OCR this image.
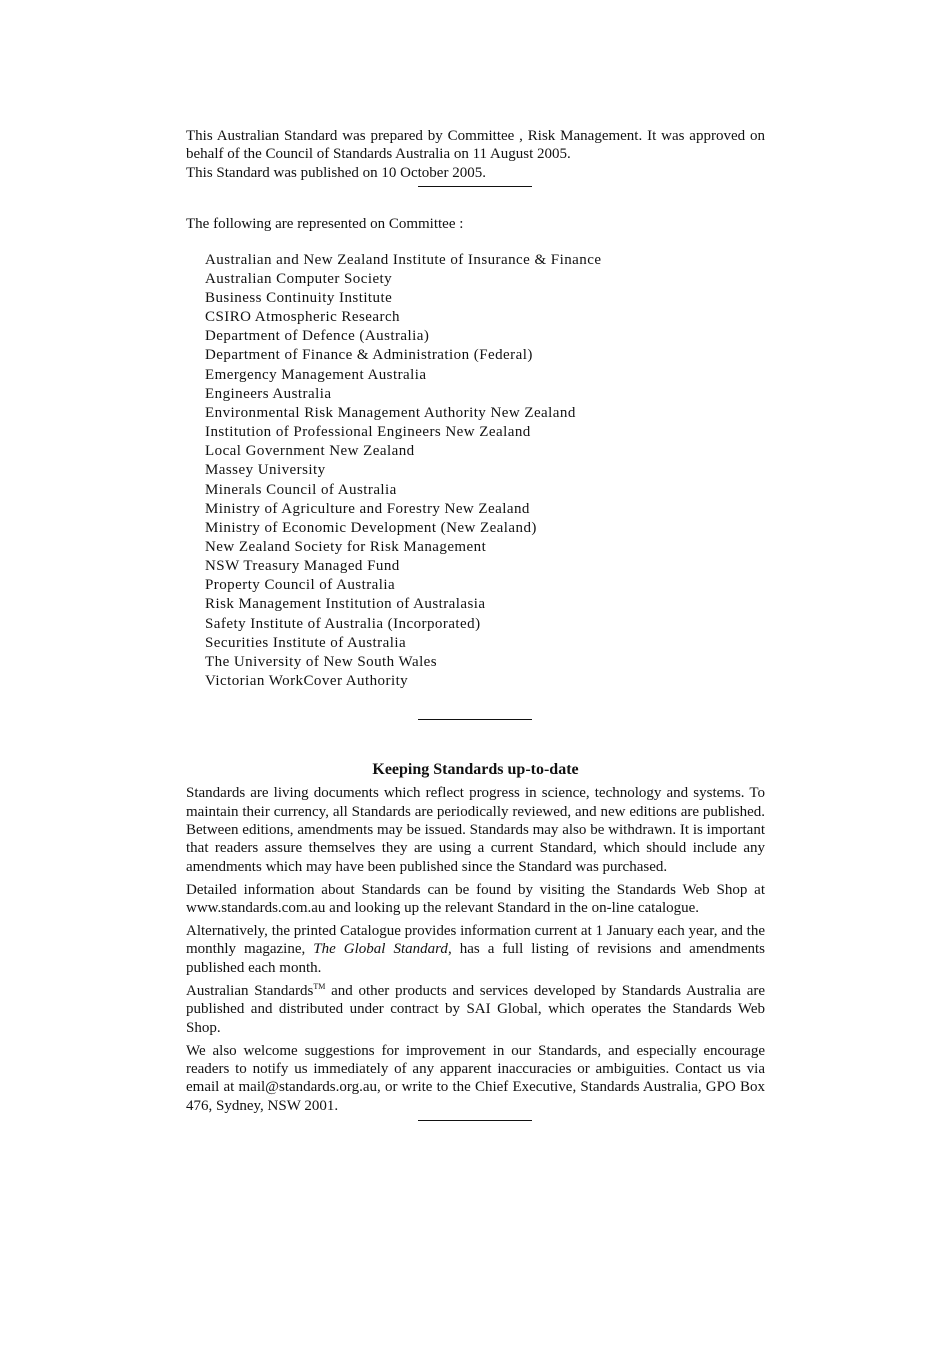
This Australian Standard was prepared by Committee , Risk Management. It was approved on behalf of the Council of Standards Australia on 11 August 2005.

This Standard was published on 10 October 2005.

The following are represented on Committee :

Australian and New Zealand Institute of Insurance & Finance
Australian Computer Society
Business Continuity Institute
CSIRO Atmospheric Research
Department of Defence (Australia)
Department of Finance & Administration (Federal)
Emergency Management Australia
Engineers Australia
Environmental Risk Management Authority New Zealand
Institution of Professional Engineers New Zealand
Local Government New Zealand
Massey University
Minerals Council of Australia
Ministry of Agriculture and Forestry New Zealand
Ministry of Economic Development (New Zealand)
New Zealand Society for Risk Management
NSW Treasury Managed Fund
Property Council of Australia
Risk Management Institution of Australasia
Safety Institute of Australia (Incorporated)
Securities Institute of Australia
The University of New South Wales
Victorian WorkCover Authority
Keeping Standards up-to-date

Standards are living documents which reflect progress in science, technology and systems. To maintain their currency, all Standards are periodically reviewed, and new editions are published. Between editions, amendments may be issued. Standards may also be withdrawn. It is important that readers assure themselves they are using a current Standard, which should include any amendments which may have been published since the Standard was purchased.

Detailed information about Standards can be found by visiting the Standards Web Shop at www.standards.com.au and looking up the relevant Standard in the on-line catalogue.

Alternatively, the printed Catalogue provides information current at 1 January each year, and the monthly magazine, The Global Standard, has a full listing of revisions and amendments published each month.

Australian Standards™ and other products and services developed by Standards Australia are published and distributed under contract by SAI Global, which operates the Standards Web Shop.

We also welcome suggestions for improvement in our Standards, and especially encourage readers to notify us immediately of any apparent inaccuracies or ambiguities. Contact us via email at mail@standards.org.au, or write to the Chief Executive, Standards Australia, GPO Box 476, Sydney, NSW 2001.
